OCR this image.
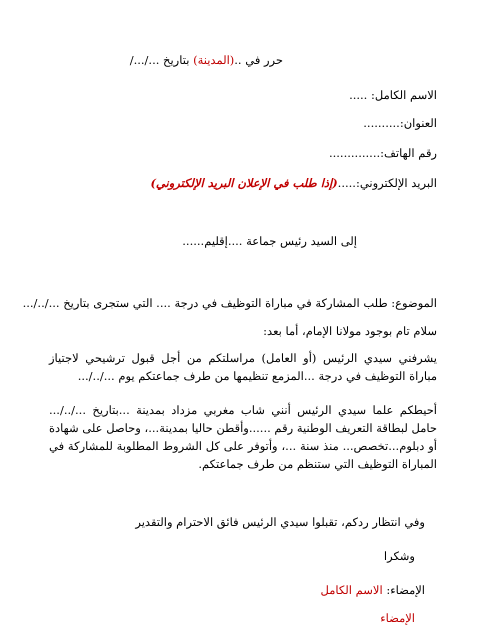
حرر في ..(المدينة) بتاريخ .../.../
الاسم الكامل: .....
العنوان:..........
رقم الهاتف:..............
البريد الإلكتروني:.....(إذا طلب في الإعلان البريد الإلكتروني)
إلى السيد رئيس جماعة ....إقليم......
الموضوع: طلب المشاركة في مباراة التوظيف في درجة .... التي ستجرى بتاريخ .../../...
سلام تام بوجود مولانا الإمام، أما بعد:

يشرفني سيدي الرئيس (أو العامل) مراسلتكم من أجل قبول ترشيحي لاجتياز مباراة التوظيف في درجة ...المزمع تنظيمها من طرف جماعتكم يوم .../../...

أحيطكم علما سيدي الرئيس أنني شاب مغربي مزداد بمدينة ...بتاريخ .../../... حامل لبطاقة التعريف الوطنية رقم ......وأقطن حاليا بمدينة...، وحاصل على شهادة أو دبلوم...تخصص... منذ سنة ...، وأتوفر على كل الشروط المطلوبة للمشاركة في المباراة التوظيف التي ستنظم من طرف جماعتكم.

وفي انتظار ردكم، تقبلوا سيدي الرئيس فائق الاحترام والتقدير
وشكرا
الإمضاء: الاسم الكامل
الإمضاء
